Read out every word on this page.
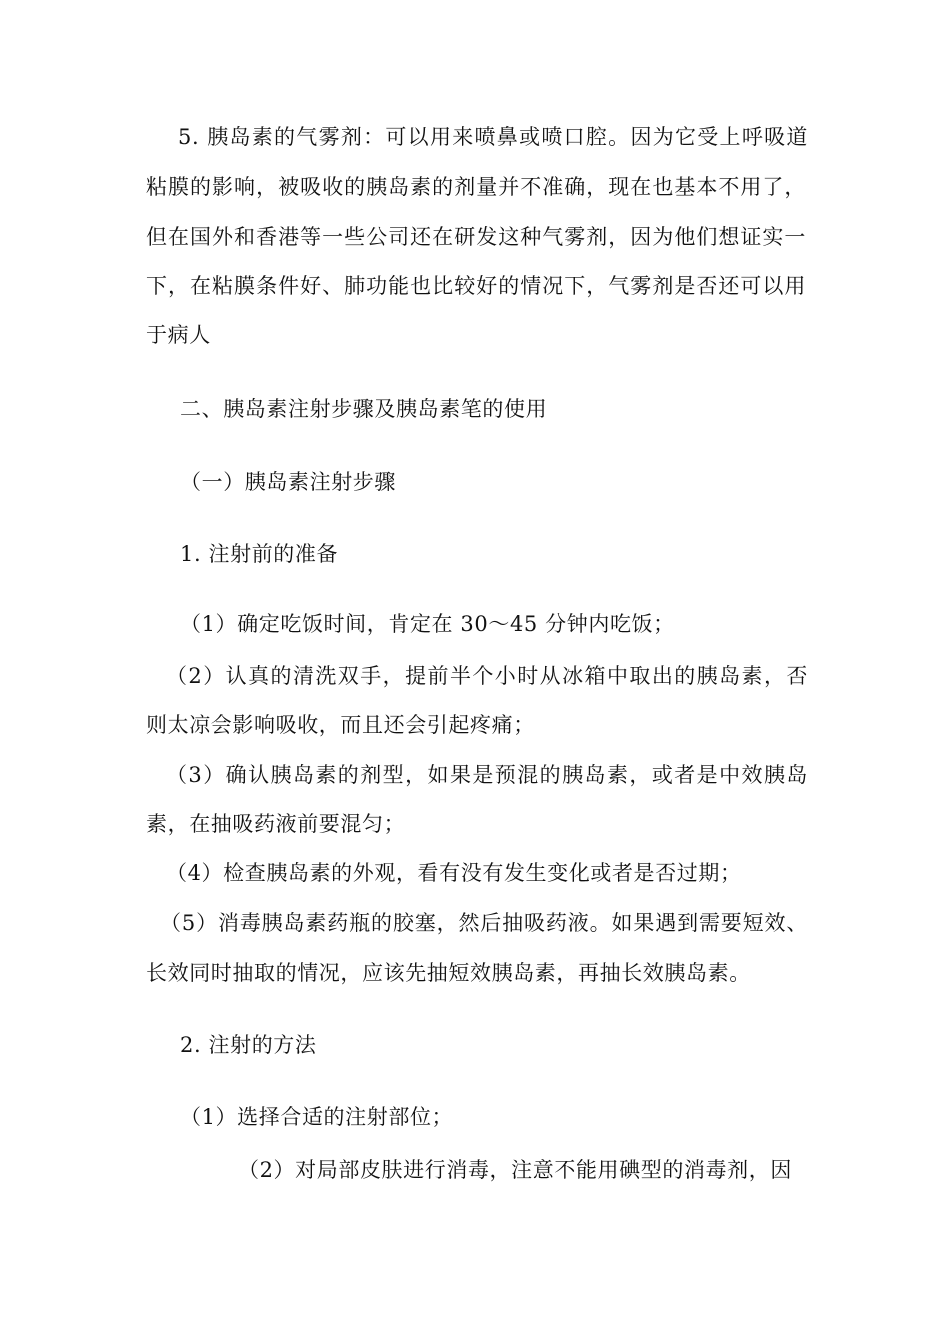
5. 胰岛素的气雾剂：可以用来喷鼻或喷口腔。因为它受上呼吸道
粘膜的影响，被吸收的胰岛素的剂量并不准确，现在也基本不用了，
但在国外和香港等一些公司还在研发这种气雾剂，因为他们想证实一
下，在粘膜条件好、肺功能也比较好的情况下，气雾剂是否还可以用
于病人
二、胰岛素注射步骤及胰岛素笔的使用
（一）胰岛素注射步骤
1. 注射前的准备
（1）确定吃饭时间，肯定在 30～45 分钟内吃饭；
（2）认真的清洗双手，提前半个小时从冰箱中取出的胰岛素，否
则太凉会影响吸收，而且还会引起疼痛；
（3）确认胰岛素的剂型，如果是预混的胰岛素，或者是中效胰岛
素，在抽吸药液前要混匀；
（4）检查胰岛素的外观，看有没有发生变化或者是否过期；
（5）消毒胰岛素药瓶的胶塞，然后抽吸药液。如果遇到需要短效、
长效同时抽取的情况，应该先抽短效胰岛素，再抽长效胰岛素。
2. 注射的方法
（1）选择合适的注射部位；
（2）对局部皮肤进行消毒，注意不能用碘型的消毒剂，因
